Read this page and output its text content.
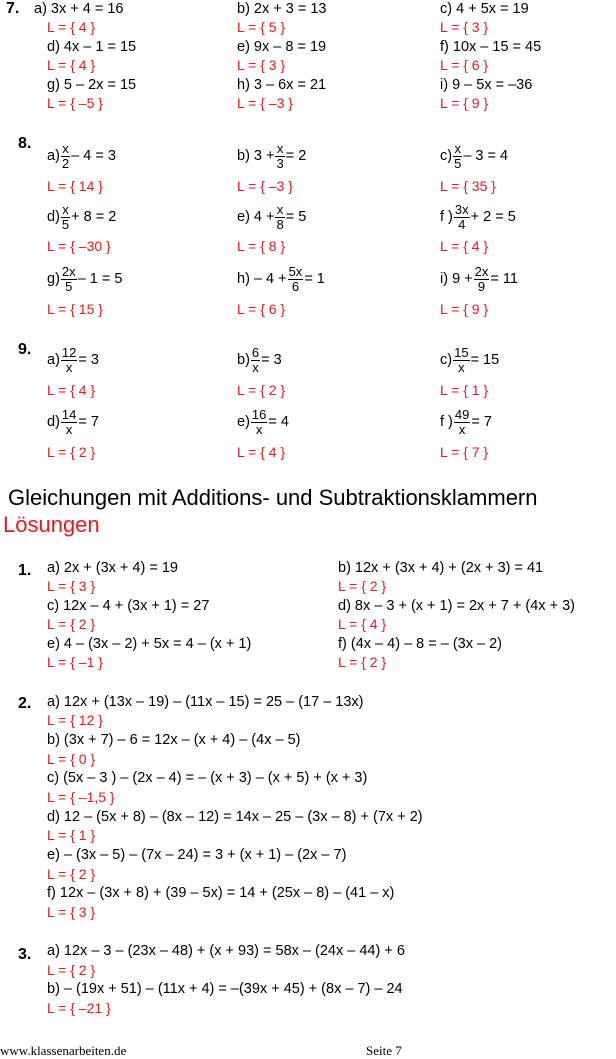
7. a) 3x + 4 = 16
L = { 4 }
b) 2x + 3 = 13
L = { 5 }
c) 4 + 5x = 19
L = { 3 }
d) 4x – 1 = 15
L = { 4 }
e) 9x – 8 = 19
L = { 3 }
f) 10x – 15 = 45
L = { 6 }
g) 5 – 2x = 15
L = { –5 }
h) 3 – 6x = 21
L = { –3 }
i) 9 – 5x = –36
L = { 9 }
8.
$a) \frac{x}{2} - 4 = 3$
L = { 14 }
b) $3 + \frac{x}{3} = 2$
L = { –3 }
$c) \frac{x}{5} - 3 = 4$
L = { 35 }
$d) \frac{x}{5} + 8 = 2$
L = { –30 }
e) $4 + \frac{x}{8} = 5$
L = { 8 }
f ) $\frac{3x}{4} + 2 = 5$
L = { 4 }
$g) \frac{2x}{5} - 1 = 5$
L = { 15 }
$h) - 4 + \frac{5x}{6} = 1$
L = { 6 }
i) $9 + \frac{2x}{9} = 11$
L = { 9 }
9.
$a) \frac{12}{x} = 3$
L = { 4 }
$b) \frac{6}{x} = 3$
L = { 2 }
$c) \frac{15}{x} = 15$
L = { 1 }
$d) \frac{14}{x} = 7$
L = { 2 }
$e) \frac{16}{x} = 4$
L = { 4 }
f ) $\frac{49}{x} = 7$
L = { 7 }
Gleichungen mit Additions- und Subtraktionsklammern
Lösungen
1. a) 2x + (3x + 4) = 19
L = { 3 }
b) 12x + (3x + 4) + (2x + 3) = 41
L = { 2 }
c) 12x – 4 + (3x + 1) = 27
L = { 2 }
d) 8x – 3 + (x + 1) = 2x + 7 + (4x + 3)
L = { 4 }
e) 4 – (3x – 2) + 5x = 4 – (x + 1)
L = { –1 }
f) (4x – 4) – 8 = – (3x – 2)
L = { 2 }
2. a) 12x + (13x – 19) – (11x – 15) = 25 – (17 – 13x)
L = { 12 }
b) (3x + 7) – 6 = 12x – (x + 4) – (4x – 5)
L = { 0 }
c) (5x – 3 ) – (2x – 4) = – (x + 3) – (x + 5) + (x + 3)
L = { –1,5 }
d) 12 – (5x + 8) – (8x – 12) = 14x – 25 – (3x – 8) + (7x + 2)
L = { 1 }
e) – (3x – 5) – (7x – 24) = 3 + (x + 1) – (2x – 7)
L = { 2 }
f) 12x – (3x + 8) + (39 – 5x) = 14 + (25x – 8) – (41 – x)
L = { 3 }
3. a) 12x – 3 – (23x – 48) + (x + 93) = 58x – (24x – 44) + 6
L = { 2 }
b) – (19x + 51) – (11x + 4) = –(39x + 45) + (8x – 7) – 24
L = { –21 }
www.klassenarbeiten.de	Seite 7
